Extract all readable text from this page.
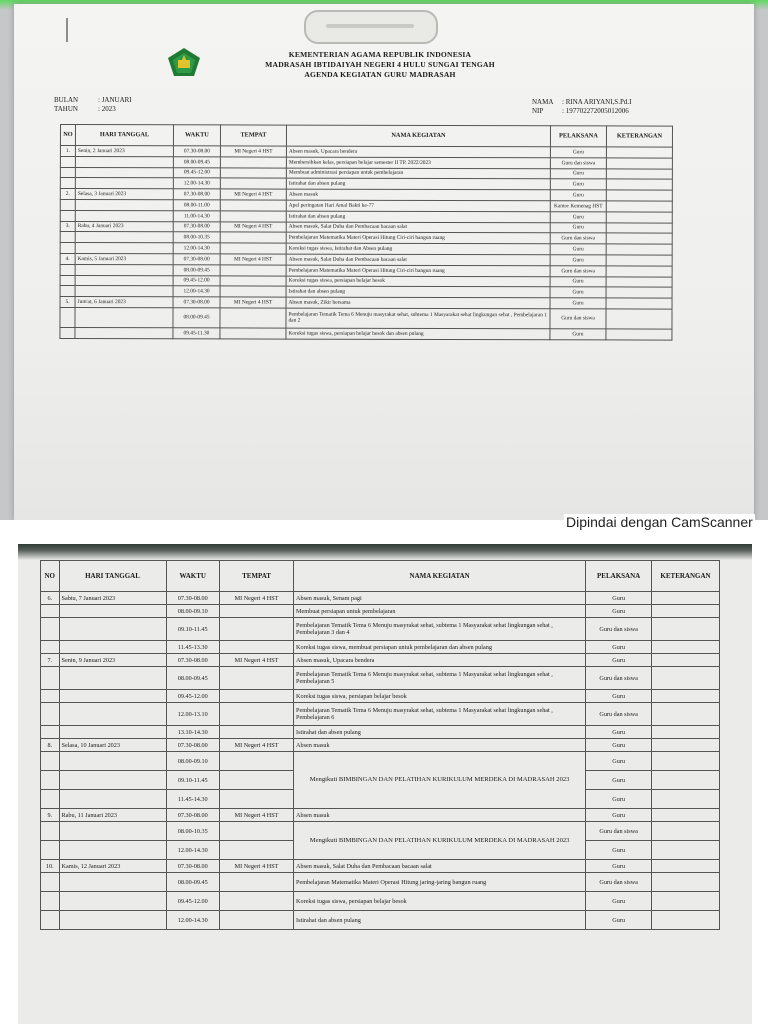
KEMENTERIAN AGAMA REPUBLIK INDONESIA
MADRASAH IBTIDAIYAH NEGERI 4 HULU SUNGAI TENGAH
AGENDA KEGIATAN GURU MADRASAH
BULAN	: JANUARI
TAHUN	: 2023
NAMA : RINA ARIYANI,S.Pd.I
NIP	: 197702272005012006
NO	HARI TANGGAL	WAKTU	TEMPAT	NAMA KEGIATAN	PELAKSANA	KETERANGAN
1.	Senin, 2 Januari 2023	07.30-08.00	MI Negeri 4 HST	Absen masuk, Upacara bendera	Guru	
		08.00-09.45		Membersihkan kelas, persiapan belajar semester II TP. 2022/2023	Guru dan siswa	
		09.45-12.00		Membuat administrasi persiapan untuk pembelajaran	Guru	
		12.00-14.30		Istirahat dan absen pulang	Guru	
2.	Selasa, 3 Januari 2023	07.30-08.00	MI Negeri 4 HST	Absen masuk	Guru	
		08.00-11.00		Apel peringatan Hari Amal Bakti ke-77	Kantor Kemenag HST	
		11.00-14.30		Istirahat dan absen pulang	Guru	
3.	Rabu, 4 Januari 2023	07.30-08.00	MI Negeri 4 HST	Absen masuk, Salat Duha dan Pembacaan bacaan salat	Guru	
		08.00-10.35		Pembelajaran Matematika Materi Operasi Hitung Ciri-ciri bangun ruang	Guru dan siswa	
		12.00-14.30		Koreksi tugas siswa, Istirahat dan Absen pulang	Guru	
4.	Kamis, 5 Januari 2023	07.30-08.00	MI Negeri 4 HST	Absen masuk, Salat Duha dan Pembacaan bacaan salat	Guru	
		08.00-09.45		Pembelajaran Matematika Materi Operasi Hitung Ciri-ciri bangun ruang	Guru dan siswa	
		09.45-12.00		Koreksi tugas siswa, persiapan belajar besok	Guru	
		12.00-14.30		Istirahat dan absen pulang	Guru	
5.	Jum'at, 6 Januari 2023	07.30-08.00	MI Negeri 4 HST	Absen masuk, Zikir bersama	Guru	
		08.00-09.45		Pembelajaran Tematik Tema 6 Menuju masyrakat sehat, subtema 1 Masyarakat sehat lingkungan sehat , Pembelajaran 1 dan 2	Guru dan siswa	
		09.45-11.30		Koreksi tugas siswa, persiapan belajar besok dan absen pulang	Guru	
Dipindai dengan CamScanner
NO	HARI TANGGAL	WAKTU	TEMPAT	NAMA KEGIATAN	PELAKSANA	KETERANGAN
6.	Sabtu, 7 Januari 2023	07.30-08.00	MI Negeri 4 HST	Absen masuk, Senam pagi	Guru	
		08.00-09.10		Membuat persiapan untuk pembelajaran	Guru	
		09.10-11.45		Pembelajaran Tematik Tema 6 Menuju masyrakat sehat, subtema 1 Masyarakat sehat lingkungan sehat , Pembelajaran 3 dan 4	Guru dan siswa	
		11.45-13.30		Koreksi tugas siswa, membuat persiapan untuk pembelajaran dan absen pulang	Guru	
7.	Senin, 9 Januari 2023	07.30-08.00	MI Negeri 4 HST	Absen masuk, Upacara bendera	Guru	
		08.00-09.45		Pembelajaran Tematik Tema 6 Menuju masyrakat sehat, subtema 1 Masyarakat sehat lingkungan sehat , Pembelajaran 5	Guru dan siswa	
		09.45-12.00		Koreksi tugas siswa, persiapan belajar besok	Guru	
		12.00-13.10		Pembelajaran Tematik Tema 6 Menuju masyrakat sehat, subtema 1 Masyarakat sehat lingkungan sehat , Pembelajaran 6	Guru dan siswa	
		13.10-14.30		Istirahat dan absen pulang	Guru	
8.	Selasa, 10 Januari 2023	07.30-08.00	MI Negeri 4 HST	Absen masuk	Guru	
		08.00-09.10		Mengikuti BIMBINGAN DAN PELATIHAN KURIKULUM MERDEKA DI MADRASAH 2023	Guru	
		09.10-11.45			Guru	
		11.45-14.30			Guru	
9.	Rabu, 11 Januari 2023	07.30-08.00	MI Negeri 4 HST	Absen masuk	Guru	
		08.00-10.35		Mengikuti BIMBINGAN DAN PELATIHAN KURIKULUM MERDEKA DI MADRASAH 2023	Guru dan siswa	
		12.00-14.30			Guru	
10.	Kamis, 12 Januari 2023	07.30-08.00	MI Negeri 4 HST	Absen masuk, Salat Duha dan Pembacaan bacaan salat	Guru	
		08.00-09.45		Pembelajaran Matematika Materi Operasi Hitung jaring-jaring bangun ruang	Guru dan siswa	
		09.45-12.00		Koreksi tugas siswa, persiapan belajar besok	Guru	
		12.00-14.30		Istirahat dan absen pulang	Guru	
